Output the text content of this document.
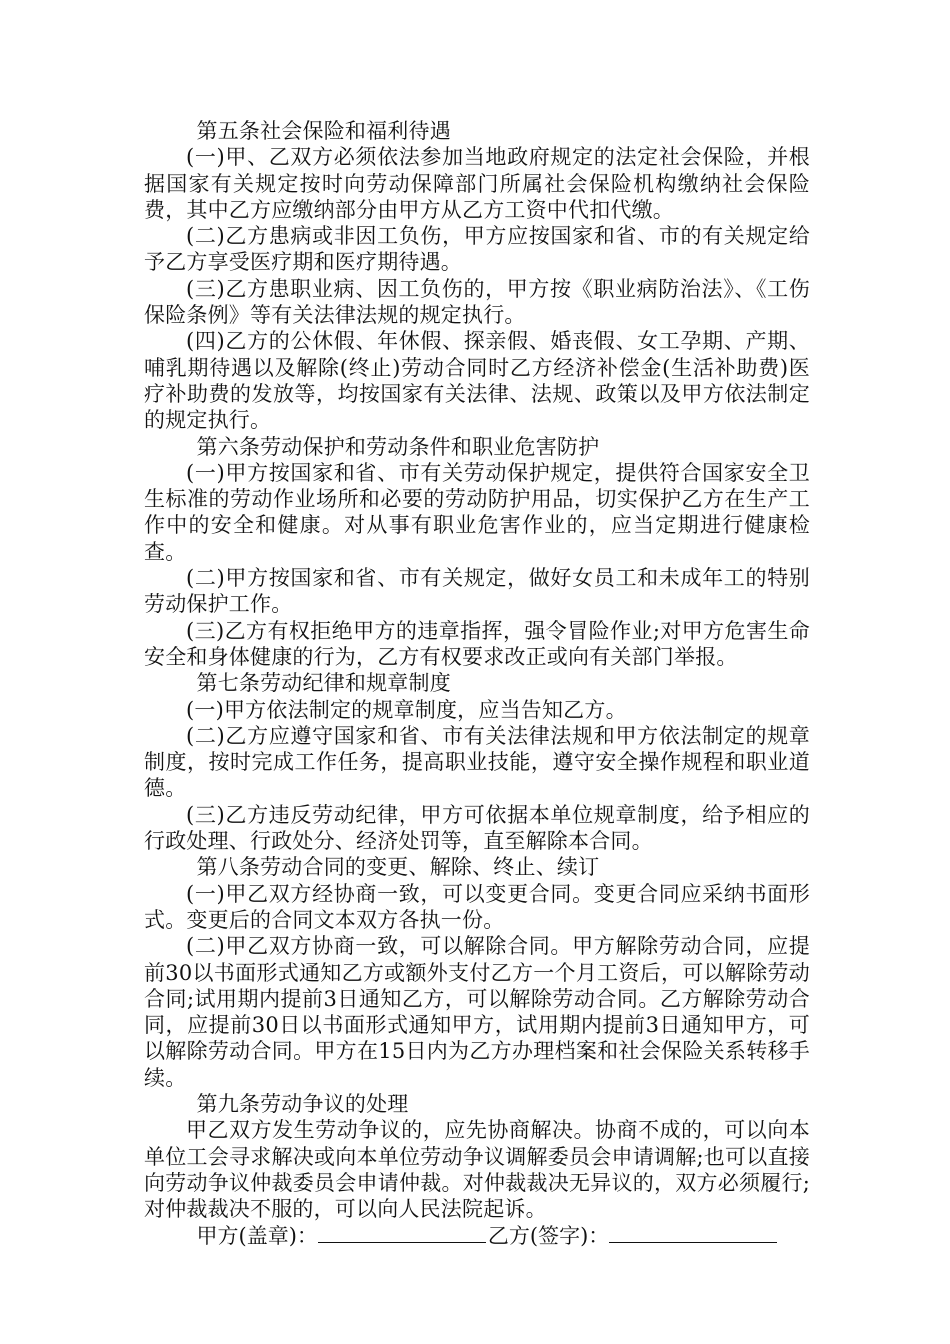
第五条社会保险和福利待遇

(一)甲、乙双方必须依法参加当地政府规定的法定社会保险，并根据国家有关规定按时向劳动保障部门所属社会保险机构缴纳社会保险费，其中乙方应缴纳部分由甲方从乙方工资中代扣代缴。

(二)乙方患病或非因工负伤，甲方应按国家和省、市的有关规定给予乙方享受医疗期和医疗期待遇。

(三)乙方患职业病、因工负伤的，甲方按《职业病防治法》、《工伤保险条例》等有关法律法规的规定执行。

(四)乙方的公休假、年休假、探亲假、婚丧假、女工孕期、产期、哺乳期待遇以及解除(终止)劳动合同时乙方经济补偿金(生活补助费)医疗补助费的发放等，均按国家有关法律、法规、政策以及甲方依法制定的规定执行。

第六条劳动保护和劳动条件和职业危害防护

(一)甲方按国家和省、市有关劳动保护规定，提供符合国家安全卫生标准的劳动作业场所和必要的劳动防护用品，切实保护乙方在生产工作中的安全和健康。对从事有职业危害作业的，应当定期进行健康检查。

(二)甲方按国家和省、市有关规定，做好女员工和未成年工的特别劳动保护工作。

(三)乙方有权拒绝甲方的违章指挥，强令冒险作业;对甲方危害生命安全和身体健康的行为，乙方有权要求改正或向有关部门举报。

第七条劳动纪律和规章制度

(一)甲方依法制定的规章制度，应当告知乙方。

(二)乙方应遵守国家和省、市有关法律法规和甲方依法制定的规章制度，按时完成工作任务，提高职业技能，遵守安全操作规程和职业道德。

(三)乙方违反劳动纪律，甲方可依据本单位规章制度，给予相应的行政处理、行政处分、经济处罚等，直至解除本合同。

第八条劳动合同的变更、解除、终止、续订

(一)甲乙双方经协商一致，可以变更合同。变更合同应采纳书面形式。变更后的合同文本双方各执一份。

(二)甲乙双方协商一致，可以解除合同。甲方解除劳动合同，应提前30以书面形式通知乙方或额外支付乙方一个月工资后，可以解除劳动合同;试用期内提前3日通知乙方，可以解除劳动合同。乙方解除劳动合同，应提前30日以书面形式通知甲方，试用期内提前3日通知甲方，可以解除劳动合同。甲方在15日内为乙方办理档案和社会保险关系转移手续。

第九条劳动争议的处理

甲乙双方发生劳动争议的，应先协商解决。协商不成的，可以向本单位工会寻求解决或向本单位劳动争议调解委员会申请调解;也可以直接向劳动争议仲裁委员会申请仲裁。对仲裁裁决无异议的，双方必须履行;对仲裁裁决不服的，可以向人民法院起诉。

甲方(盖章)：	乙方(签字)：
